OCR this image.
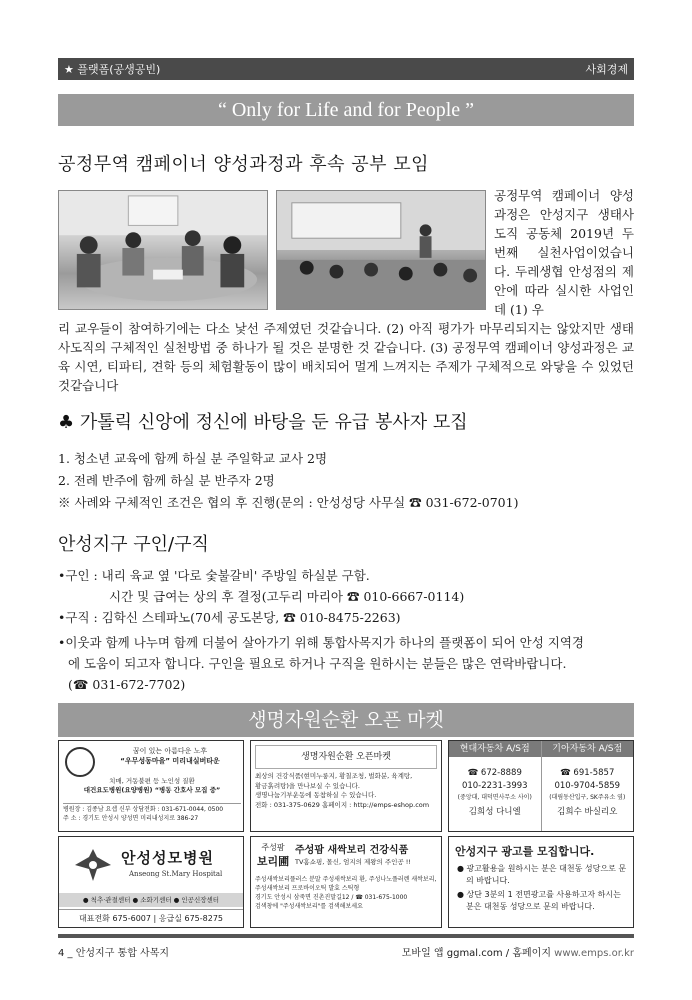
★ 플랫폼(공생공빈)	사회경제
“ Only for Life and for People ”
공정무역 캠페이너 양성과정과 후속 공부 모임

공정무역 캠페이너 양성과정은 안성지구 생태사도직 공동체 2019년 두번째 실천사업이었습니다. 두레생협 안성점의 제안에 따라 실시한 사업인데 (1) 우

리 교우들이 참여하기에는 다소 낯선 주제였던 것같습니다. (2) 아직 평가가 마무리되지는 않았지만 생태사도직의 구체적인 실천방법 중 하나가 될 것은 분명한 것 같습니다. (3) 공정무역 캠페이너 양성과정은 교육 시연, 티파티, 견학 등의 체험활동이 많이 배치되어 멀게 느껴지는 주제가 구체적으로 와닿을 수 있었던 것같습니다

♣ 가톨릭 신앙에 정신에 바탕을 둔 유급 봉사자 모집
1. 청소년 교육에 함께 하실 분 주일학교 교사 2명
2. 전례 반주에 함께 하실 분 반주자 2명
※ 사례와 구체적인 조건은 협의 후 진행(문의 : 안성성당 사무실 ☎ 031-672-0701)
안성지구 구인/구직
•구인 : 내리 육교 옆 '다로 숯불갈비' 주방일 하실분 구함.
시간 및 급여는 상의 후 결정(고두리 마리아 ☎ 010-6667-0114)
•구직 : 김학신 스테파노(70세 공도본당, ☎ 010-8475-2263)
•이웃과 함께 나누며 함께 더불어 살아가기 위해 통합사목지가 하나의 플랫폼이 되어 안성 지역경
에 도움이 되고자 합니다. 구인을 필요로 하거나 구직을 원하시는 분들은 많은 연락바랍니다.
(☎ 031-672-7702)
생명자원순환 오픈 마켓
꿈이 있는 아름다운 노후
“우무성동마을” 미리내실버타운
치매, 거동불편 등 노인성 질환
대건요도병원(요양병원) “병동 간호사 모집 중”
병원장 : 김종남 요셉 신부 상담전화 : 031-671-0044, 0500
주 소 : 경기도 안성시 양성면 미리내성지로 386-27
생명자원순환 오픈마켓
최상의 건강식품(현미누룽지, 황칠조청, 벌화분, 육계탕,
황금흙려탕)을 만나보실 수 있습니다.
생명나눔기부운동에 동참하실 수 있습니다.
전화 : 031-375-0629 홈페이지 : http://emps-eshop.com
현대자동차 A/S점
☎ 672-8889
010-2231-3993
(중앙대, 대덕면사무소 사이)
김희성 다니엘
기아자동차 A/S점
☎ 691-5857
010-9704-5859
(대림동산입구, SK주유소 옆)
김희수 바실리오
안성성모병원
Anseong St.Mary Hospital
● 척추·관절센터 ● 소화기센터 ● 인공신장센터
대표전화 675-6007 | 응급실 675-8275
주성팜
보리圃
주성팜 새싹보리 건강식품
TV홈쇼핑, 몰신, 엄지의 제왕의 주인공 !!
주성새싹보리플러스 분말 주성새싹보리 환, 주성나노플러렌 새싹보리,
주성새싹보리 프로바이오틱 발효 스틱형
경기도 안성시 삼죽면 진촌진말길12 / ☎ 031-675-1000
검색창에 "주성새싹보리"를 검색해보세요
안성지구 광고를 모집합니다.

● 광고활용을 원하시는 분은 대천동 성당으로 문의 바랍니다.

● 상단 3분의 1 전면광고를 사용하고자 하시는 분은 대천동 성당으로 문의 바랍니다.

4 _ 안성지구 통합 사목지	모바일 앱 ggmal.com / 홈페이지 www.emps.or.kr
